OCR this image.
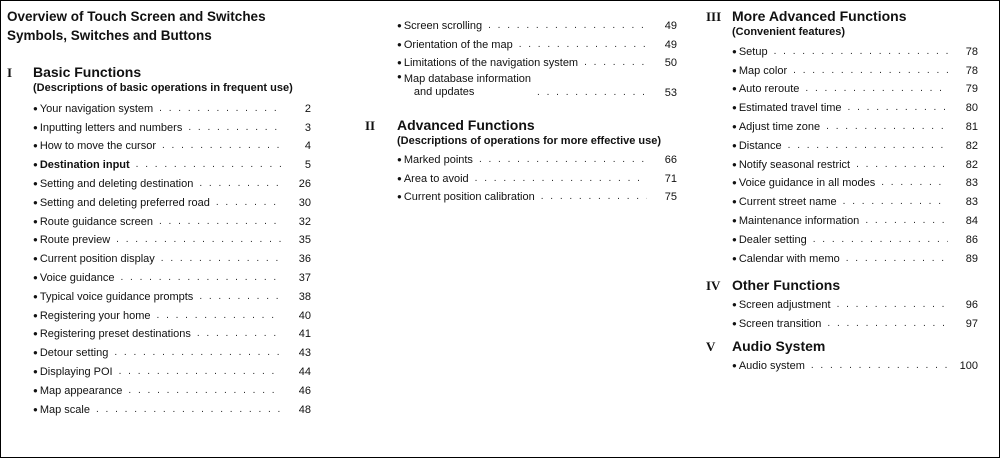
Overview of Touch Screen and Switches
Symbols, Switches and Buttons
I	Basic Functions
(Descriptions of basic operations in frequent use)
● Your navigation system . . .	2
● Inputting letters and numbers . . .	3
● How to move the cursor . . .	4
● Destination input . . .	5
● Setting and deleting destination . . .	26
● Setting and deleting preferred road . . .	30
● Route guidance screen . . .	32
● Route preview . . .	35
● Current position display . . .	36
● Voice guidance . . .	37
● Typical voice guidance prompts . . .	38
● Registering your home . . .	40
● Registering preset destinations . . .	41
● Detour setting . . .	43
● Displaying POI . . .	44
● Map appearance . . .	46
● Map scale . . .	48
● Screen scrolling . . .	49
● Orientation of the map . . .	49
● Limitations of the navigation system . . .	50
● Map database information
and updates . . .	53
II	Advanced Functions
(Descriptions of operations for more effective use)
● Marked points . . .	66
● Area to avoid . . .	71
● Current position calibration . . .	75
III More Advanced Functions
(Convenient features)
● Setup . . .	78
● Map color . . .	78
● Auto reroute . . .	79
● Estimated travel time . . .	80
● Adjust time zone . . .	81
● Distance . . .	82
● Notify seasonal restrict . . .	82
● Voice guidance in all modes . . .	83
● Current street name . . .	83
● Maintenance information . . .	84
● Dealer setting . . .	86
● Calendar with memo . . .	89
IV Other Functions
● Screen adjustment . . .	96
● Screen transition . . .	97
V	Audio System
● Audio system . . .	100
